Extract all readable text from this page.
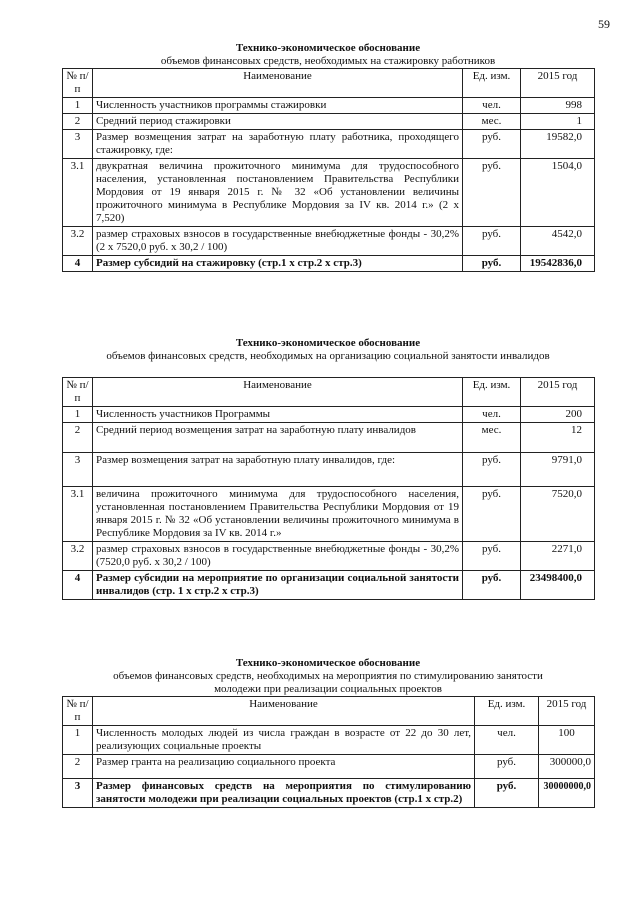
59
Технико-экономическое обоснование
объемов финансовых средств, необходимых на стажировку работников
№ п/п	Наименование	Ед. изм.	2015 год
1	Численность участников программы стажировки	чел.	998
2	Средний период стажировки	мес.	1
3	Размер возмещения затрат на заработную плату работника, проходящего стажировку, где:	руб.	19582,0
3.1	двукратная величина прожиточного минимума для трудоспособного населения, установленная постановлением Правительства Республики Мордовия от 19 января 2015 г. № 32 «Об установлении величины прожиточного минимума в Республике Мордовия за IV кв. 2014 г.» (2 х 7,520)	руб.	1504,0
3.2	размер страховых взносов в государственные внебюджетные фонды - 30,2% (2 х 7520,0 руб. х 30,2 / 100)	руб.	4542,0
4	Размер субсидий на стажировку (стр.1 х стр.2 х стр.3)	руб.	19542836,0
Технико-экономическое обоснование
объемов финансовых средств, необходимых на организацию социальной занятости инвалидов
№ п/п	Наименование	Ед. изм.	2015 год
1	Численность участников Программы	чел.	200
2	Средний период возмещения затрат на заработную плату инвалидов	мес.	12
3	Размер возмещения затрат на заработную плату инвалидов, где:	руб.	9791,0
3.1	величина прожиточного минимума для трудоспособного населения, установленная постановлением Правительства Республики Мордовия от 19 января 2015 г. № 32 «Об установлении величины прожиточного минимума в Республике Мордовия за IV кв. 2014 г.»	руб.	7520,0
3.2	размер страховых взносов в государственные внебюджетные фонды - 30,2% (7520,0 руб. х 30,2 / 100)	руб.	2271,0
4	Размер субсидии на мероприятие по организации социальной занятости инвалидов (стр. 1 х стр.2 х стр.3)	руб.	23498400,0
Технико-экономическое обоснование
объемов финансовых средств, необходимых на мероприятия по стимулированию занятости молодежи при реализации социальных проектов
№ п/п	Наименование	Ед. изм.	2015 год
1	Численность молодых людей из числа граждан в возрасте от 22 до 30 лет, реализующих социальные проекты	чел.	100
2	Размер гранта на реализацию социального проекта	руб.	300000,0
3	Размер финансовых средств на мероприятия по стимулированию занятости молодежи при реализации социальных проектов (стр.1 х стр.2)	руб.	30000000,0
